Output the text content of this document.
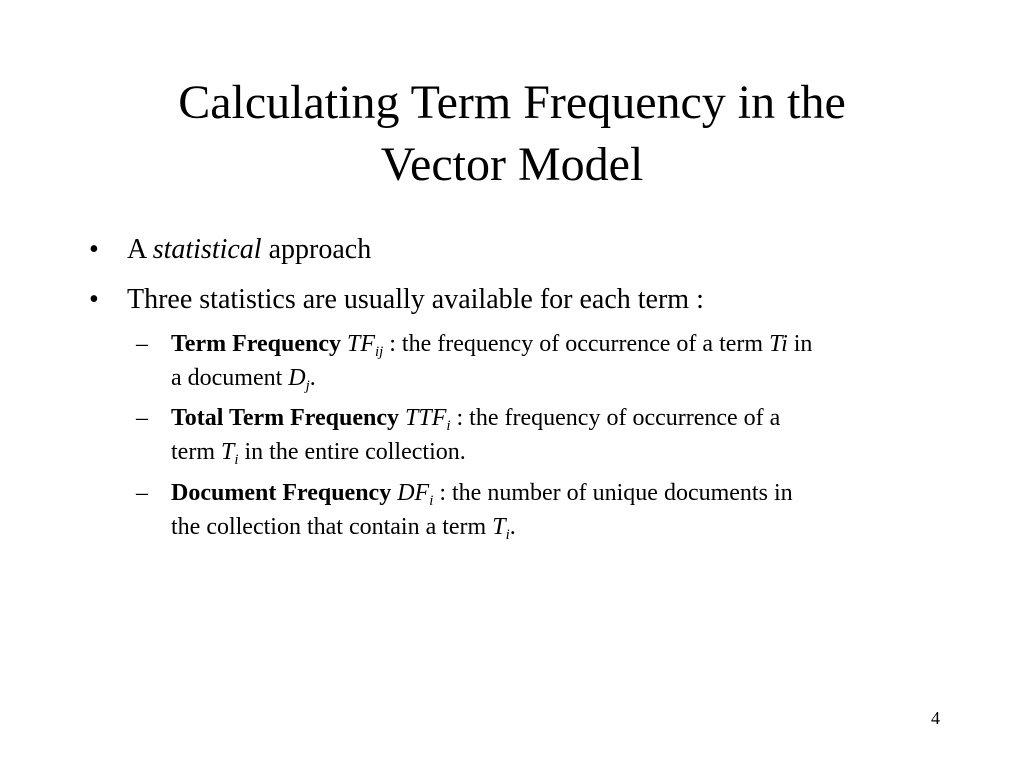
Calculating Term Frequency in the
Vector Model
• A statistical approach
• Three statistics are usually available for each term :
– Term Frequency $TF_{ij}$ : the frequency of occurrence of a term Ti in
a document $D_j$.
– Total Term Frequency $TTF_i$ : the frequency of occurrence of a
term $T_i$ in the entire collection.
– Document Frequency $DF_i$ : the number of unique documents in
the collection that contain a term $T_i$.
4
